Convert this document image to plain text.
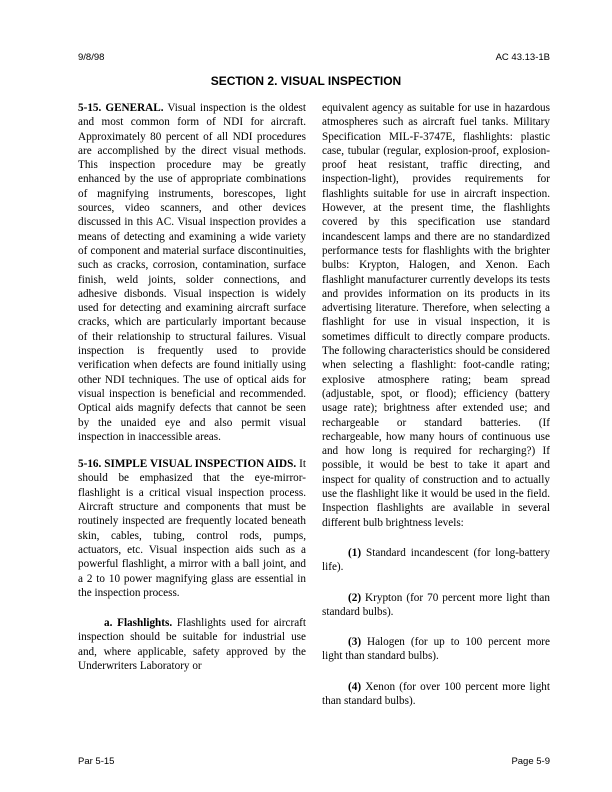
9/8/98	AC 43.13-1B
SECTION 2. VISUAL INSPECTION

5-15. GENERAL. Visual inspection is the oldest and most common form of NDI for aircraft. Approximately 80 percent of all NDI procedures are accomplished by the direct visual methods. This inspection procedure may be greatly enhanced by the use of appropriate combinations of magnifying instruments, borescopes, light sources, video scanners, and other devices discussed in this AC. Visual inspection provides a means of detecting and examining a wide variety of component and material surface discontinuities, such as cracks, corrosion, contamination, surface finish, weld joints, solder connections, and adhesive disbonds. Visual inspection is widely used for detecting and examining aircraft surface cracks, which are particularly important because of their relationship to structural failures. Visual inspection is frequently used to provide verification when defects are found initially using other NDI techniques. The use of optical aids for visual inspection is beneficial and recommended. Optical aids magnify defects that cannot be seen by the unaided eye and also permit visual inspection in inaccessible areas.

5-16. SIMPLE VISUAL INSPECTION AIDS. It should be emphasized that the eye-mirror-flashlight is a critical visual inspection process. Aircraft structure and components that must be routinely inspected are frequently located beneath skin, cables, tubing, control rods, pumps, actuators, etc. Visual inspection aids such as a powerful flashlight, a mirror with a ball joint, and a 2 to 10 power magnifying glass are essential in the inspection process.

a. Flashlights. Flashlights used for aircraft inspection should be suitable for industrial use and, where applicable, safety approved by the Underwriters Laboratory or

equivalent agency as suitable for use in hazardous atmospheres such as aircraft fuel tanks. Military Specification MIL-F-3747E, flashlights: plastic case, tubular (regular, explosion-proof, explosion-proof heat resistant, traffic directing, and inspection-light), provides requirements for flashlights suitable for use in aircraft inspection. However, at the present time, the flashlights covered by this specification use standard incandescent lamps and there are no standardized performance tests for flashlights with the brighter bulbs: Krypton, Halogen, and Xenon. Each flashlight manufacturer currently develops its tests and provides information on its products in its advertising literature. Therefore, when selecting a flashlight for use in visual inspection, it is sometimes difficult to directly compare products. The following characteristics should be considered when selecting a flashlight: foot-candle rating; explosive atmosphere rating; beam spread (adjustable, spot, or flood); efficiency (battery usage rate); brightness after extended use; and rechargeable or standard batteries. (If rechargeable, how many hours of continuous use and how long is required for recharging?) If possible, it would be best to take it apart and inspect for quality of construction and to actually use the flashlight like it would be used in the field. Inspection flashlights are available in several different bulb brightness levels:

(1) Standard incandescent (for long-battery life).

(2) Krypton (for 70 percent more light than standard bulbs).

(3) Halogen (for up to 100 percent more light than standard bulbs).

(4) Xenon (for over 100 percent more light than standard bulbs).

Par 5-15	Page 5-9
